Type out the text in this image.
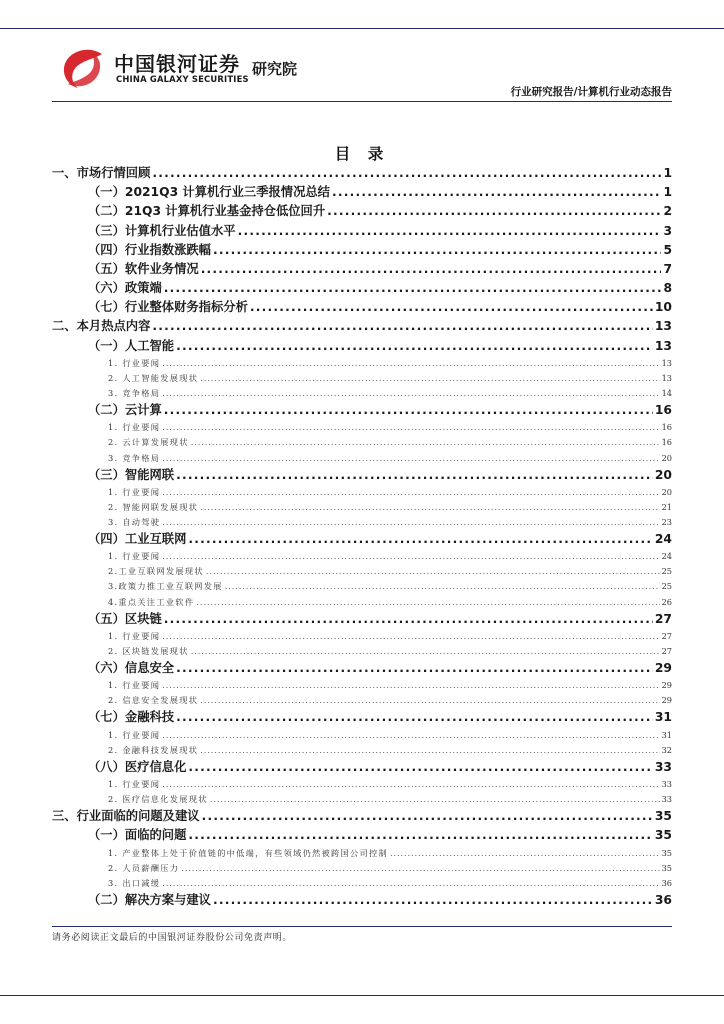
中国银河证券
CHINA GALAXY SECURITIES
研究院
行业研究报告/计算机行业动态报告
目 录
一、市场行情回顾 .....	1
（一）2021Q3 计算机行业三季报情况总结 .....	1
（二）21Q3 计算机行业基金持仓低位回升 .....	2
（三）计算机行业估值水平 .....	3
（四）行业指数涨跌幅 .....	5
（五）软件业务情况 .....	7
（六）政策端 .....	8
（七）行业整体财务指标分析 .....	10
二、本月热点内容 .....	13
（一）人工智能 .....	13
1. 行业要闻 .....	13
2. 人工智能发展现状 .....	13
3. 竞争格局 .....	14
（二）云计算 .....	16
1. 行业要闻 .....	16
2. 云计算发展现状 .....	16
3. 竞争格局 .....	20
（三）智能网联 .....	20
1. 行业要闻 .....	20
2. 智能网联发展现状 .....	21
3. 自动驾驶 .....	23
（四）工业互联网 .....	24
1. 行业要闻 .....	24
2.工业互联网发展现状 .....	25
3.政策力推工业互联网发展 .....	25
4.重点关注工业软件 .....	26
（五）区块链 .....	27
1. 行业要闻 .....	27
2. 区块链发展现状 .....	27
（六）信息安全 .....	29
1. 行业要闻 .....	29
2. 信息安全发展现状 .....	29
（七）金融科技 .....	31
1. 行业要闻 .....	31
2. 金融科技发展现状 .....	32
（八）医疗信息化 .....	33
1. 行业要闻 .....	33
2. 医疗信息化发展现状 .....	33
三、行业面临的问题及建议 .....	35
（一）面临的问题 .....	35
1. 产业整体上处于价值链的中低端，有些领域仍然被跨国公司控制 .....	35
2. 人员薪酬压力 .....	35
3. 出口减缓 .....	36
（二）解决方案与建议 .....	36
请务必阅读正文最后的中国银河证券股份公司免责声明。
